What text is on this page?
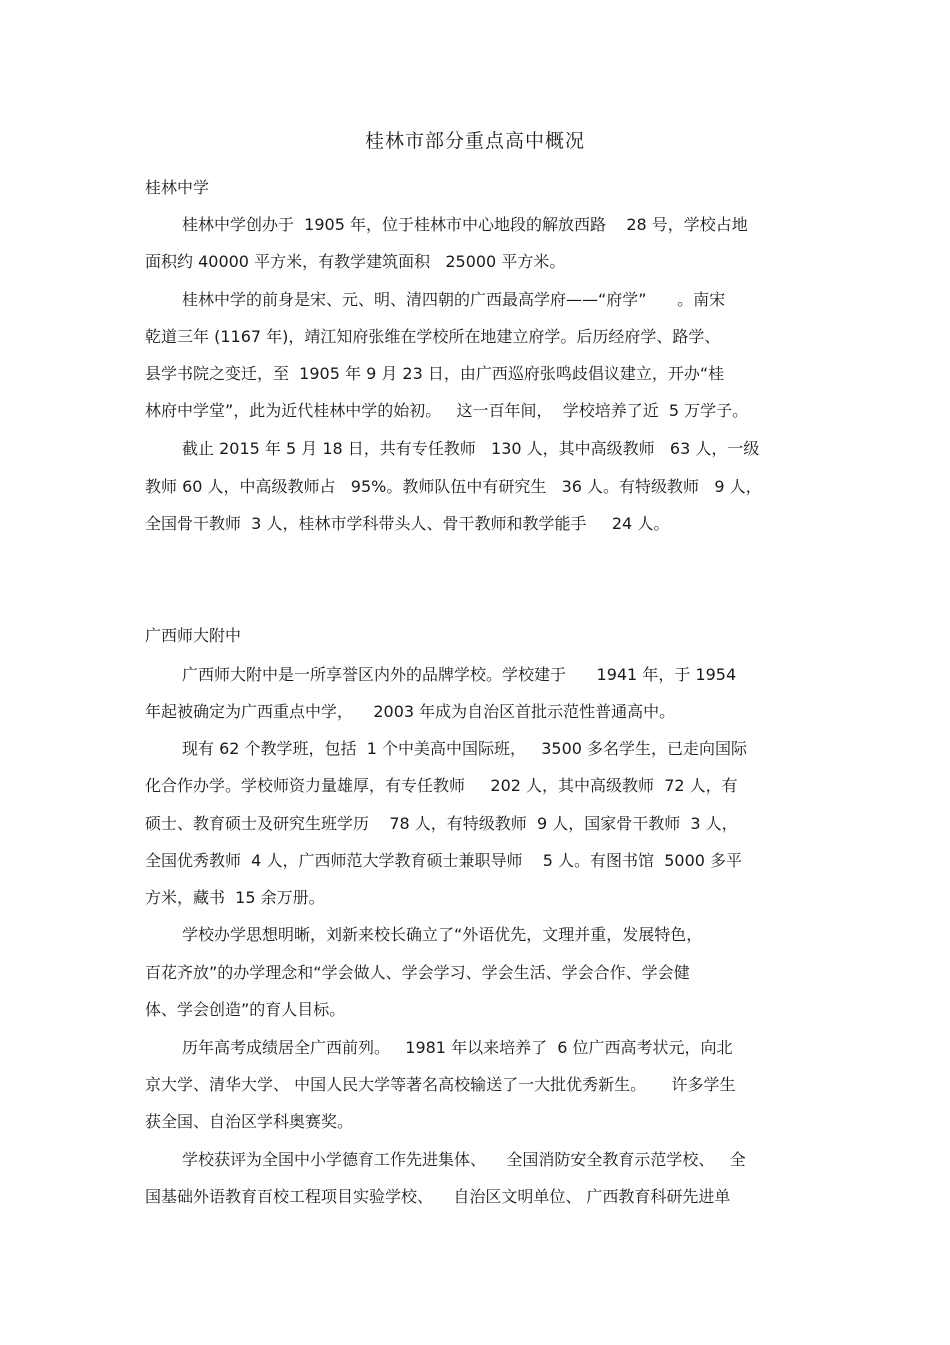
桂林市部分重点高中概况
桂林中学
桂林中学创办于  1905 年，位于桂林市中心地段的解放西路    28 号，学校占地
面积约 40000 平方米，有教学建筑面积   25000 平方米。
桂林中学的前身是宋、元、明、清四朝的广西最高学府——“府学”      。南宋
乾道三年 (1167 年)，靖江知府张维在学校所在地建立府学。后历经府学、路学、
县学书院之变迁，至  1905 年 9 月 23 日，由广西巡府张鸣歧倡议建立，开办“桂
林府中学堂”，此为近代桂林中学的始初。   这一百年间，  学校培养了近  5 万学子。
截止 2015 年 5 月 18 日，共有专任教师   130 人，其中高级教师   63 人，一级
教师 60 人，中高级教师占   95%。教师队伍中有研究生   36 人。有特级教师   9 人，
全国骨干教师  3 人，桂林市学科带头人、骨干教师和教学能手     24 人。
广西师大附中
广西师大附中是一所享誉区内外的品牌学校。学校建于      1941 年，于 1954
年起被确定为广西重点中学，    2003 年成为自治区首批示范性普通高中。
现有 62 个教学班，包括  1 个中美高中国际班，   3500 多名学生，已走向国际
化合作办学。学校师资力量雄厚，有专任教师     202 人，其中高级教师  72 人，有
硕士、教育硕士及研究生班学历    78 人，有特级教师  9 人，国家骨干教师  3 人，
全国优秀教师  4 人，广西师范大学教育硕士兼职导师    5 人。有图书馆  5000 多平
方米，藏书  15 余万册。
学校办学思想明晰，刘新来校长确立了“外语优先，文理并重，发展特色，
百花齐放”的办学理念和“学会做人、学会学习、学会生活、学会合作、学会健
体、学会创造”的育人目标。
历年高考成绩居全广西前列。   1981 年以来培养了  6 位广西高考状元，向北
京大学、清华大学、 中国人民大学等著名高校输送了一大批优秀新生。     许多学生
获全国、自治区学科奥赛奖。
学校获评为全国中小学德育工作先进集体、    全国消防安全教育示范学校、   全
国基础外语教育百校工程项目实验学校、    自治区文明单位、 广西教育科研先进单
